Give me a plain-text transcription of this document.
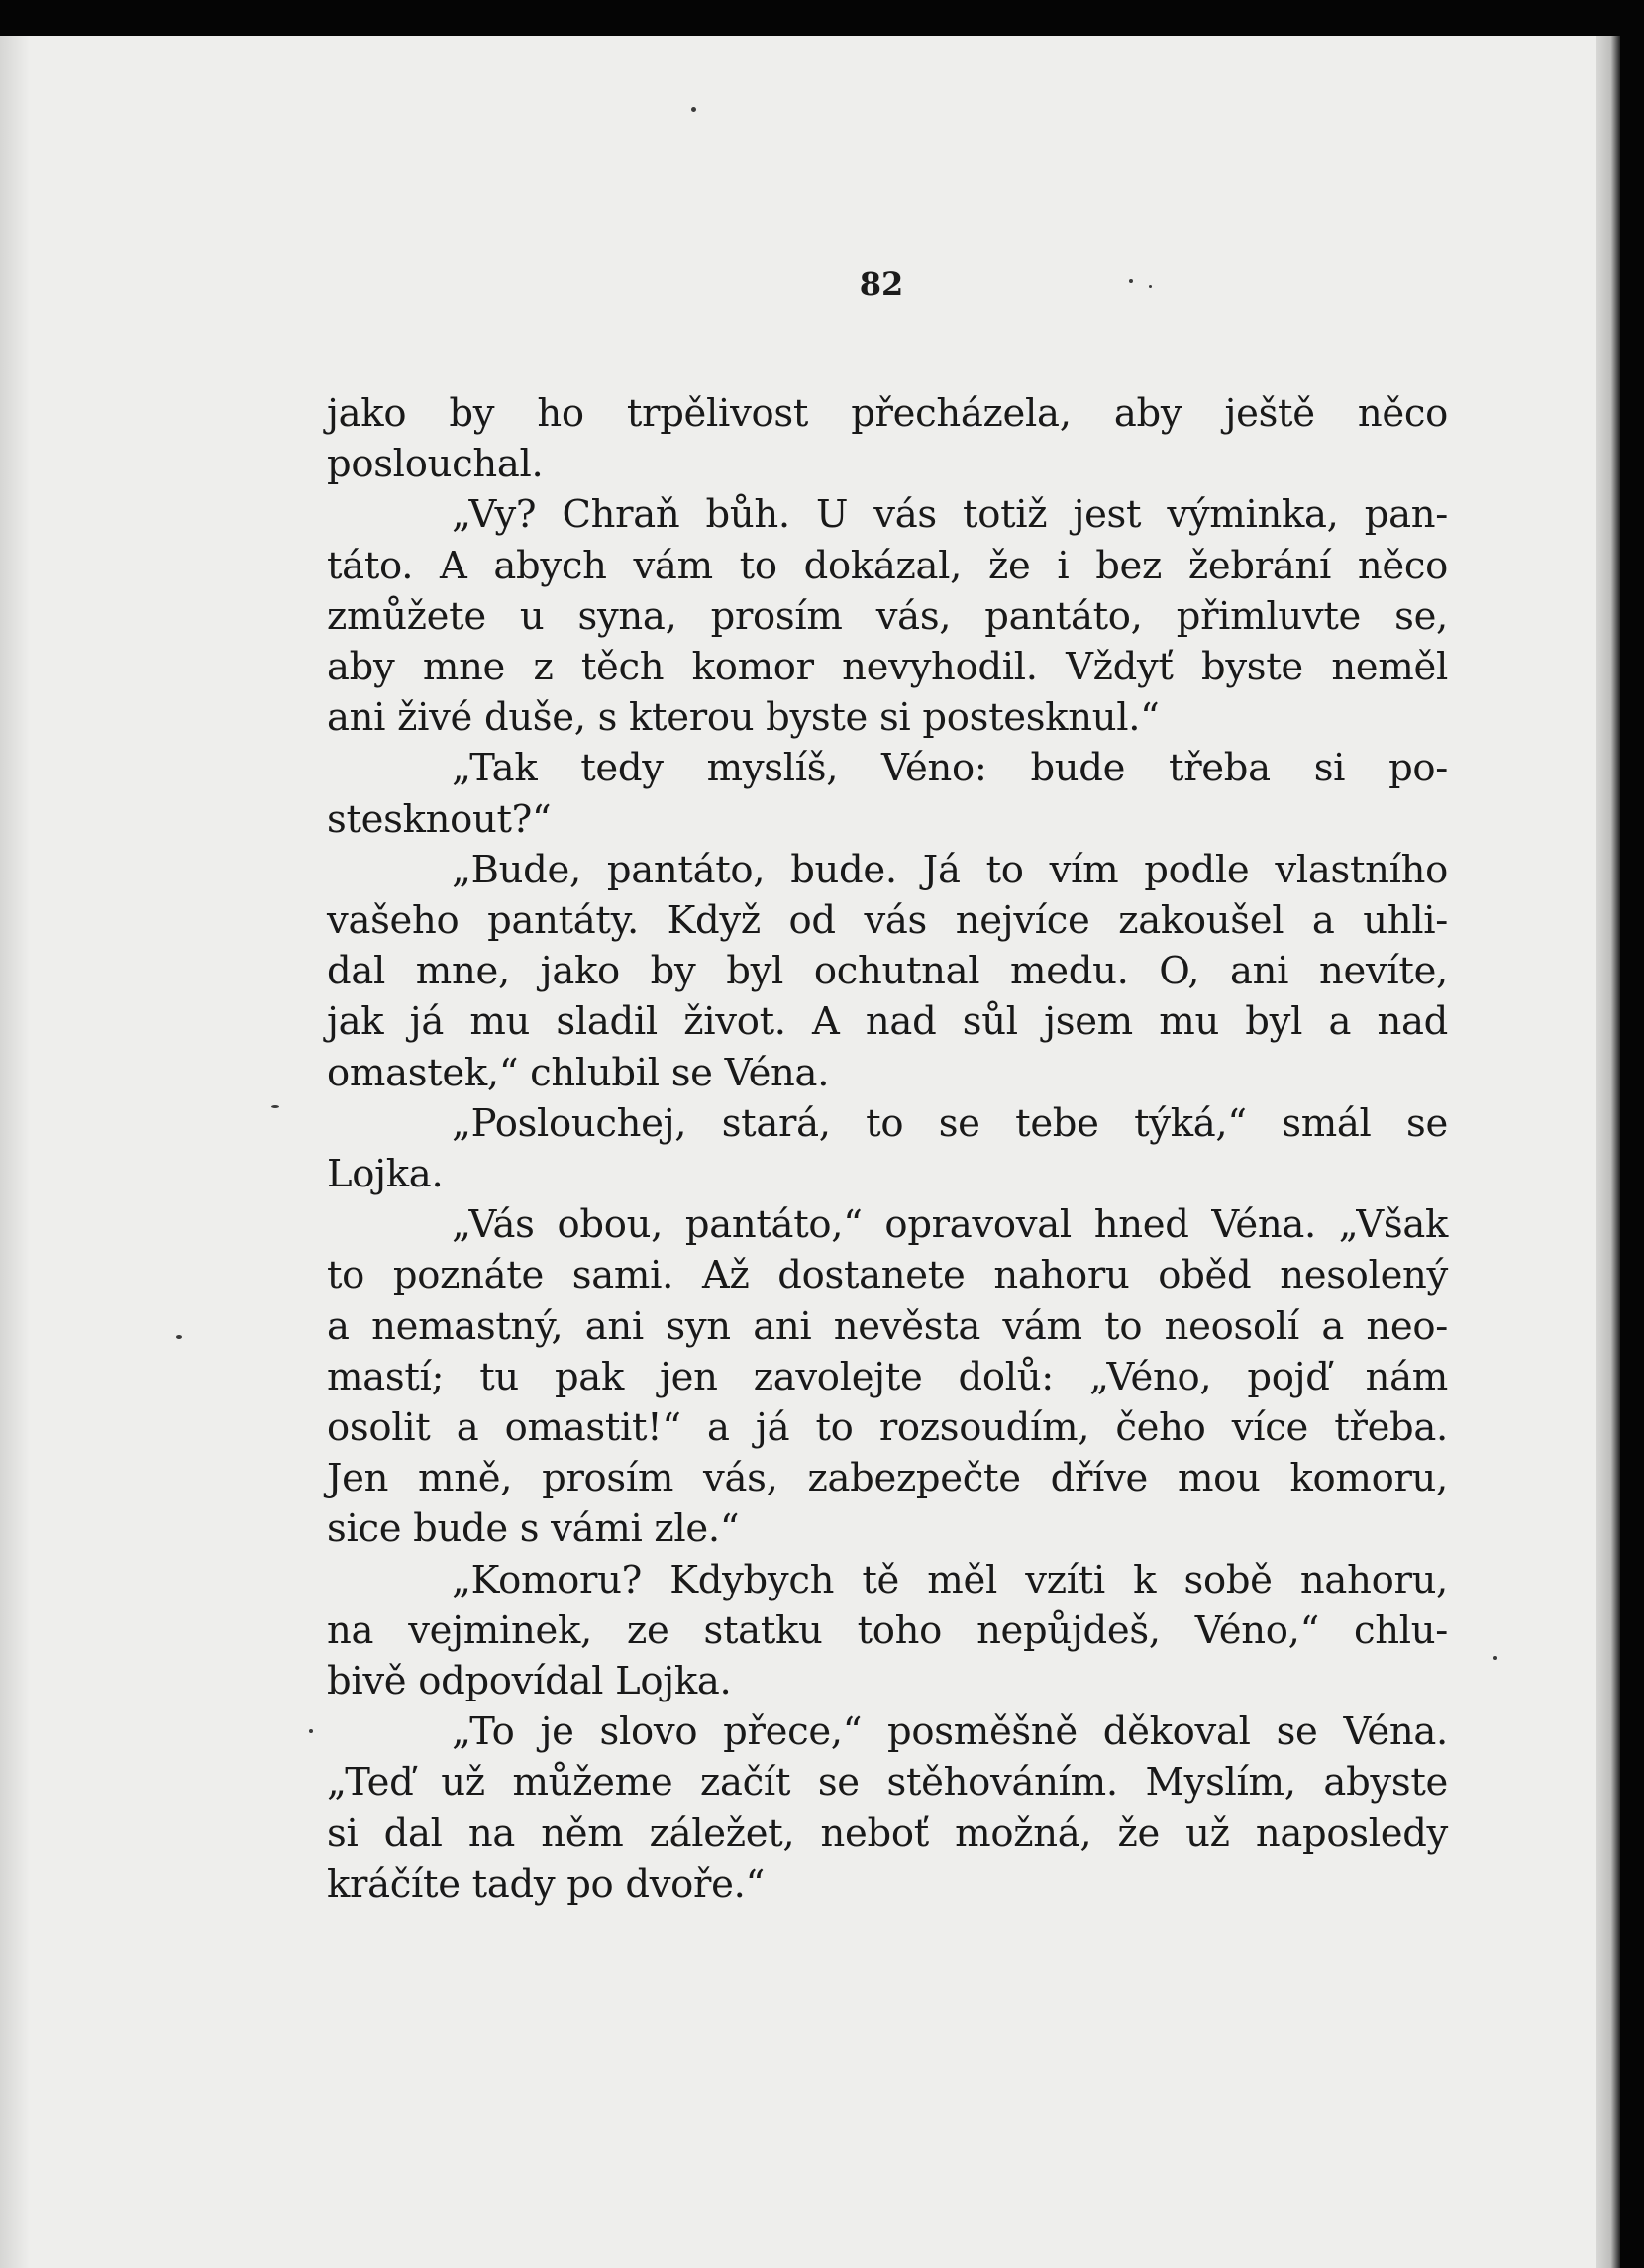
82
jako by ho trpělivost přecházela, aby ještě něco
poslouchal.
„Vy? Chraň bůh. U vás totiž jest výminka, pan-
táto. A abych vám to dokázal, že i bez žebrání něco
zmůžete u syna, prosím vás, pantáto, přimluvte se,
aby mne z těch komor nevyhodil. Vždyť byste neměl
ani živé duše, s kterou byste si postesknul.“
„Tak tedy myslíš, Véno: bude třeba si po-
stesknout?“
„Bude, pantáto, bude. Já to vím podle vlastního
vašeho pantáty. Když od vás nejvíce zakoušel a uhli-
dal mne, jako by byl ochutnal medu. O, ani nevíte,
jak já mu sladil život. A nad sůl jsem mu byl a nad
omastek,“ chlubil se Véna.
„Poslouchej, stará, to se tebe týká,“ smál se
Lojka.
„Vás obou, pantáto,“ opravoval hned Véna. „Však
to poznáte sami. Až dostanete nahoru oběd nesolený
a nemastný, ani syn ani nevěsta vám to neosolí a neo-
mastí; tu pak jen zavolejte dolů: „Véno, pojď nám
osolit a omastit!“ a já to rozsoudím, čeho více třeba.
Jen mně, prosím vás, zabezpečte dříve mou komoru,
sice bude s vámi zle.“
„Komoru? Kdybych tě měl vzíti k sobě nahoru,
na vejminek, ze statku toho nepůjdeš, Véno,“ chlu-
bivě odpovídal Lojka.
„To je slovo přece,“ posměšně děkoval se Véna.
„Teď už můžeme začít se stěhováním. Myslím, abyste
si dal na něm záležet, neboť možná, že už naposledy
kráčíte tady po dvoře.“
